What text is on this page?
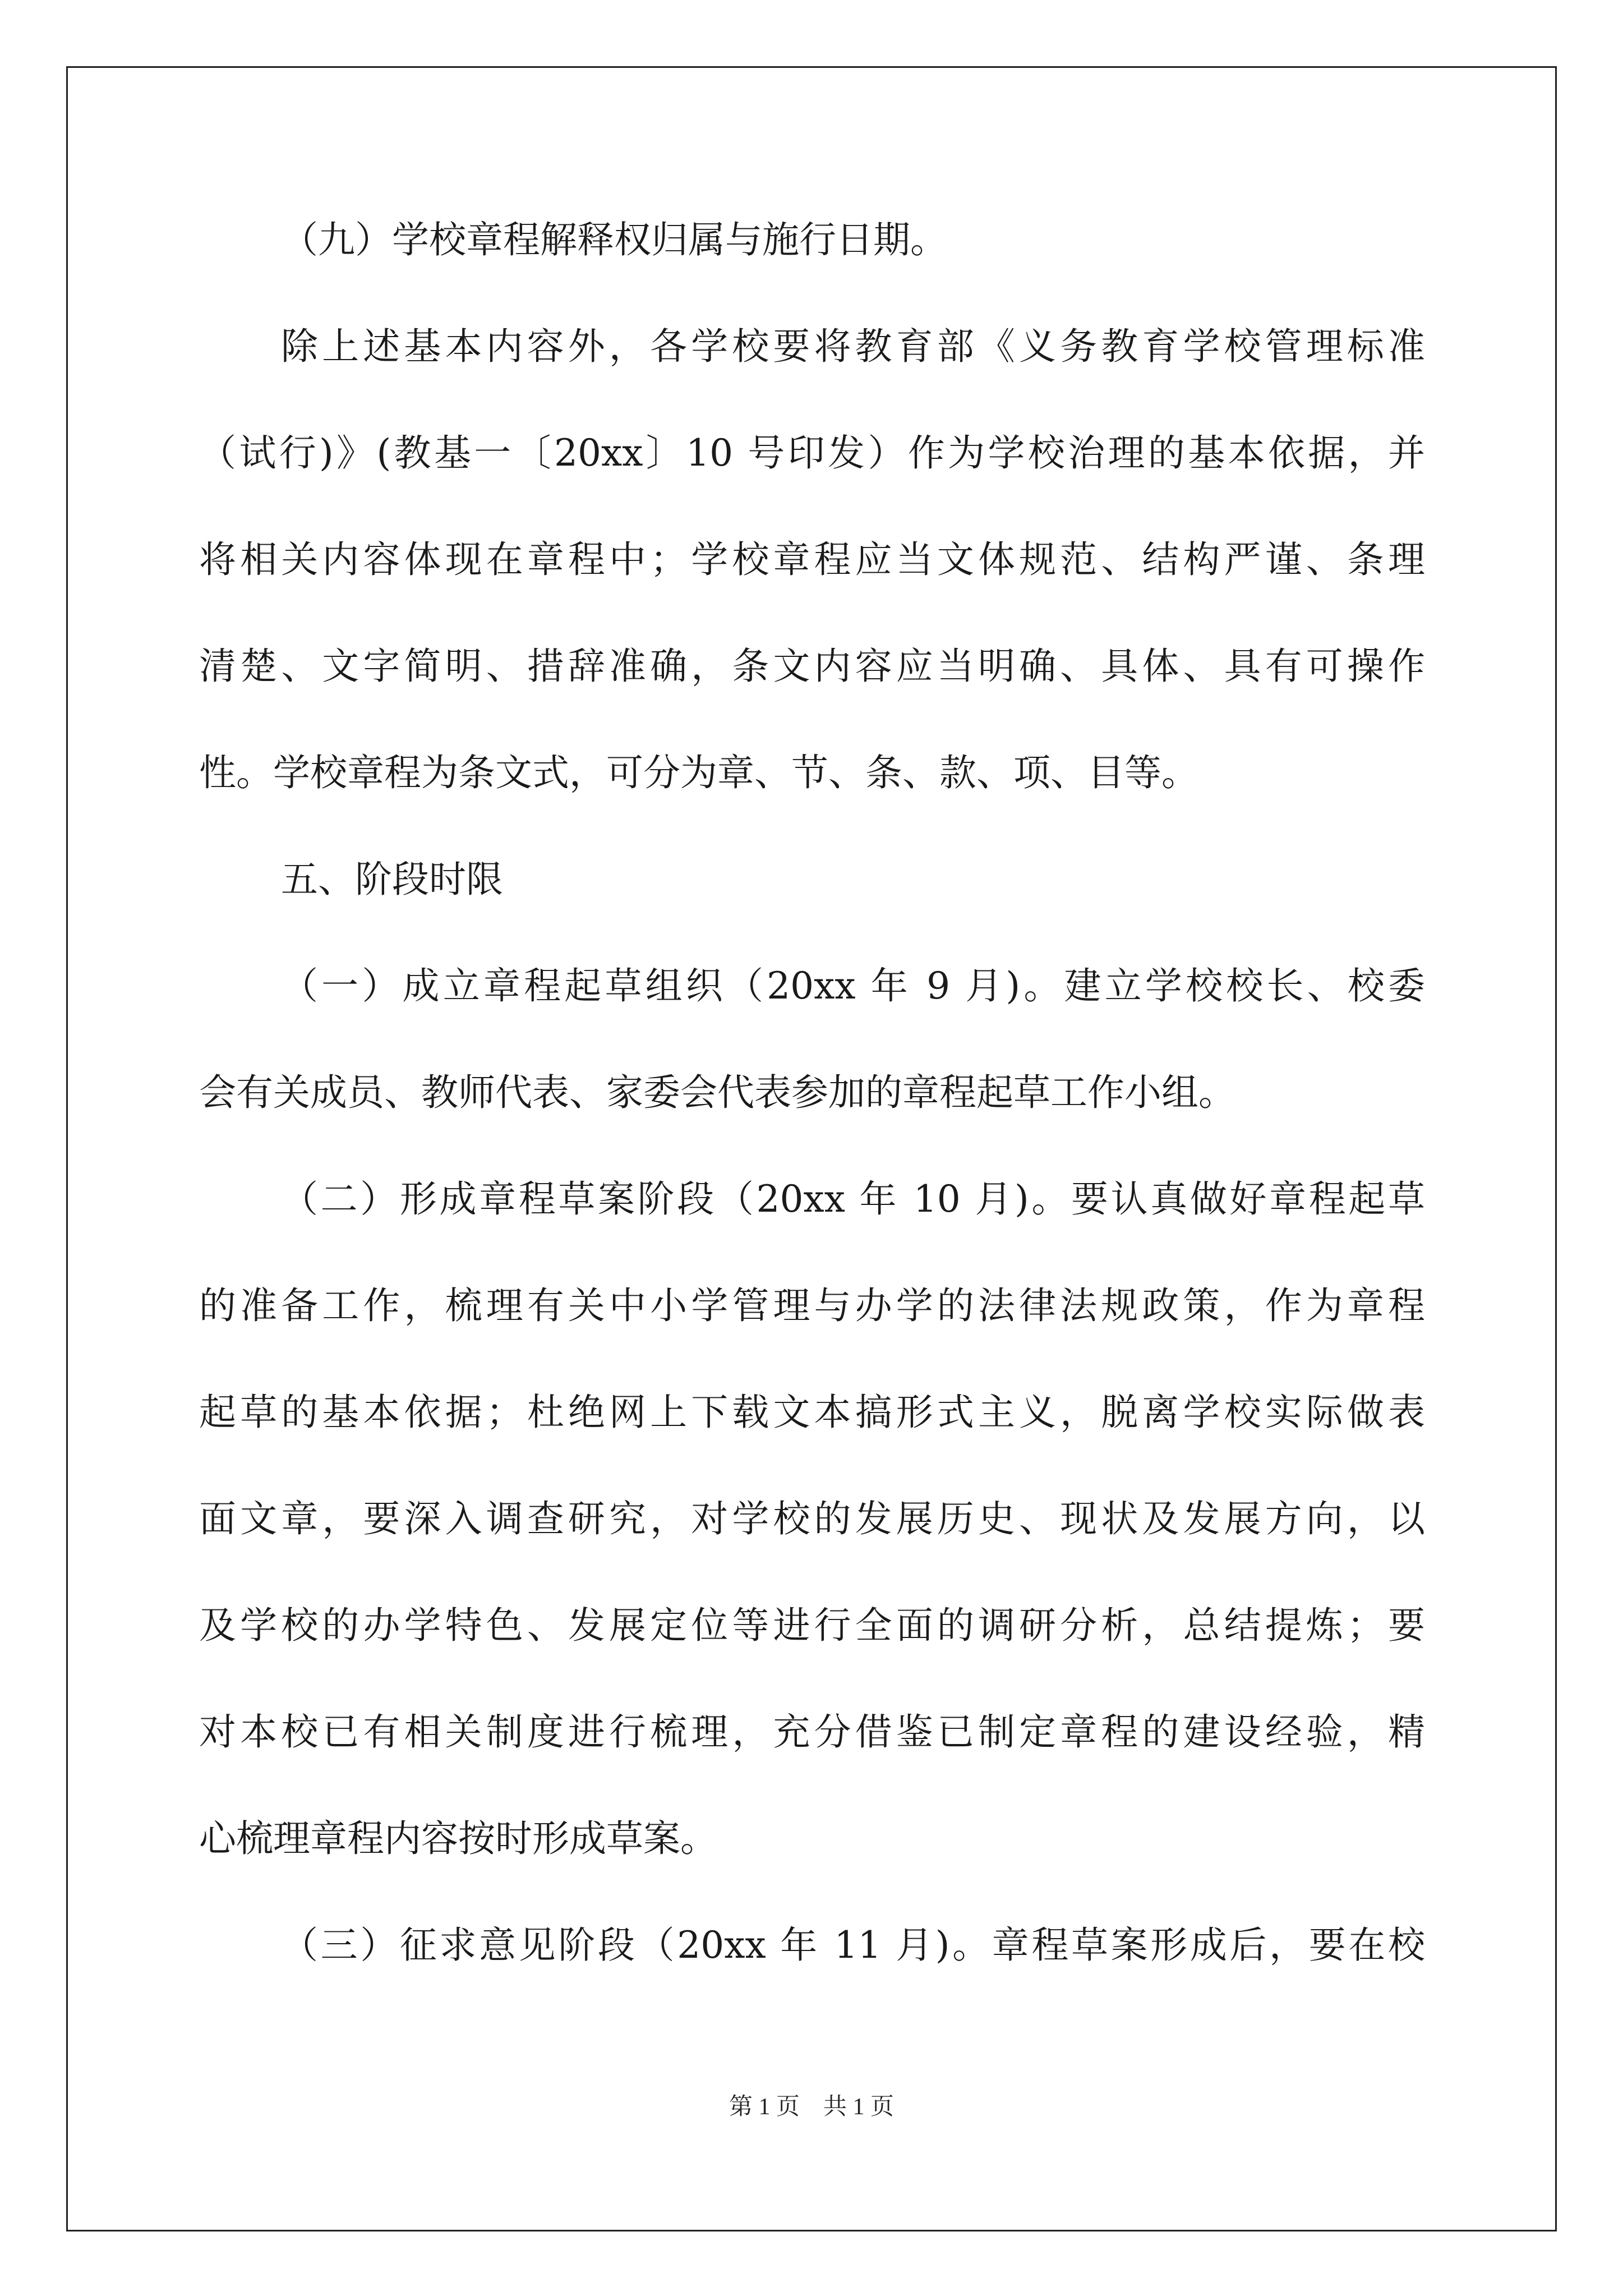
（九）学校章程解释权归属与施行日期。
除上述基本内容外，各学校要将教育部《义务教育学校管理标准
（试行)》(教基一〔20xx〕10 号印发）作为学校治理的基本依据，并
将相关内容体现在章程中；学校章程应当文体规范、结构严谨、条理
清楚、文字简明、措辞准确，条文内容应当明确、具体、具有可操作
性。学校章程为条文式，可分为章、节、条、款、项、目等。
五、阶段时限
（一）成立章程起草组织（20xx 年 9 月)。建立学校校长、校委
会有关成员、教师代表、家委会代表参加的章程起草工作小组。
（二）形成章程草案阶段（20xx 年 10 月)。要认真做好章程起草
的准备工作，梳理有关中小学管理与办学的法律法规政策，作为章程
起草的基本依据；杜绝网上下载文本搞形式主义，脱离学校实际做表
面文章，要深入调查研究，对学校的发展历史、现状及发展方向，以
及学校的办学特色、发展定位等进行全面的调研分析，总结提炼；要
对本校已有相关制度进行梳理，充分借鉴已制定章程的建设经验，精
心梳理章程内容按时形成草案。
（三）征求意见阶段（20xx 年 11 月)。章程草案形成后，要在校
第 1 页　共 1 页
